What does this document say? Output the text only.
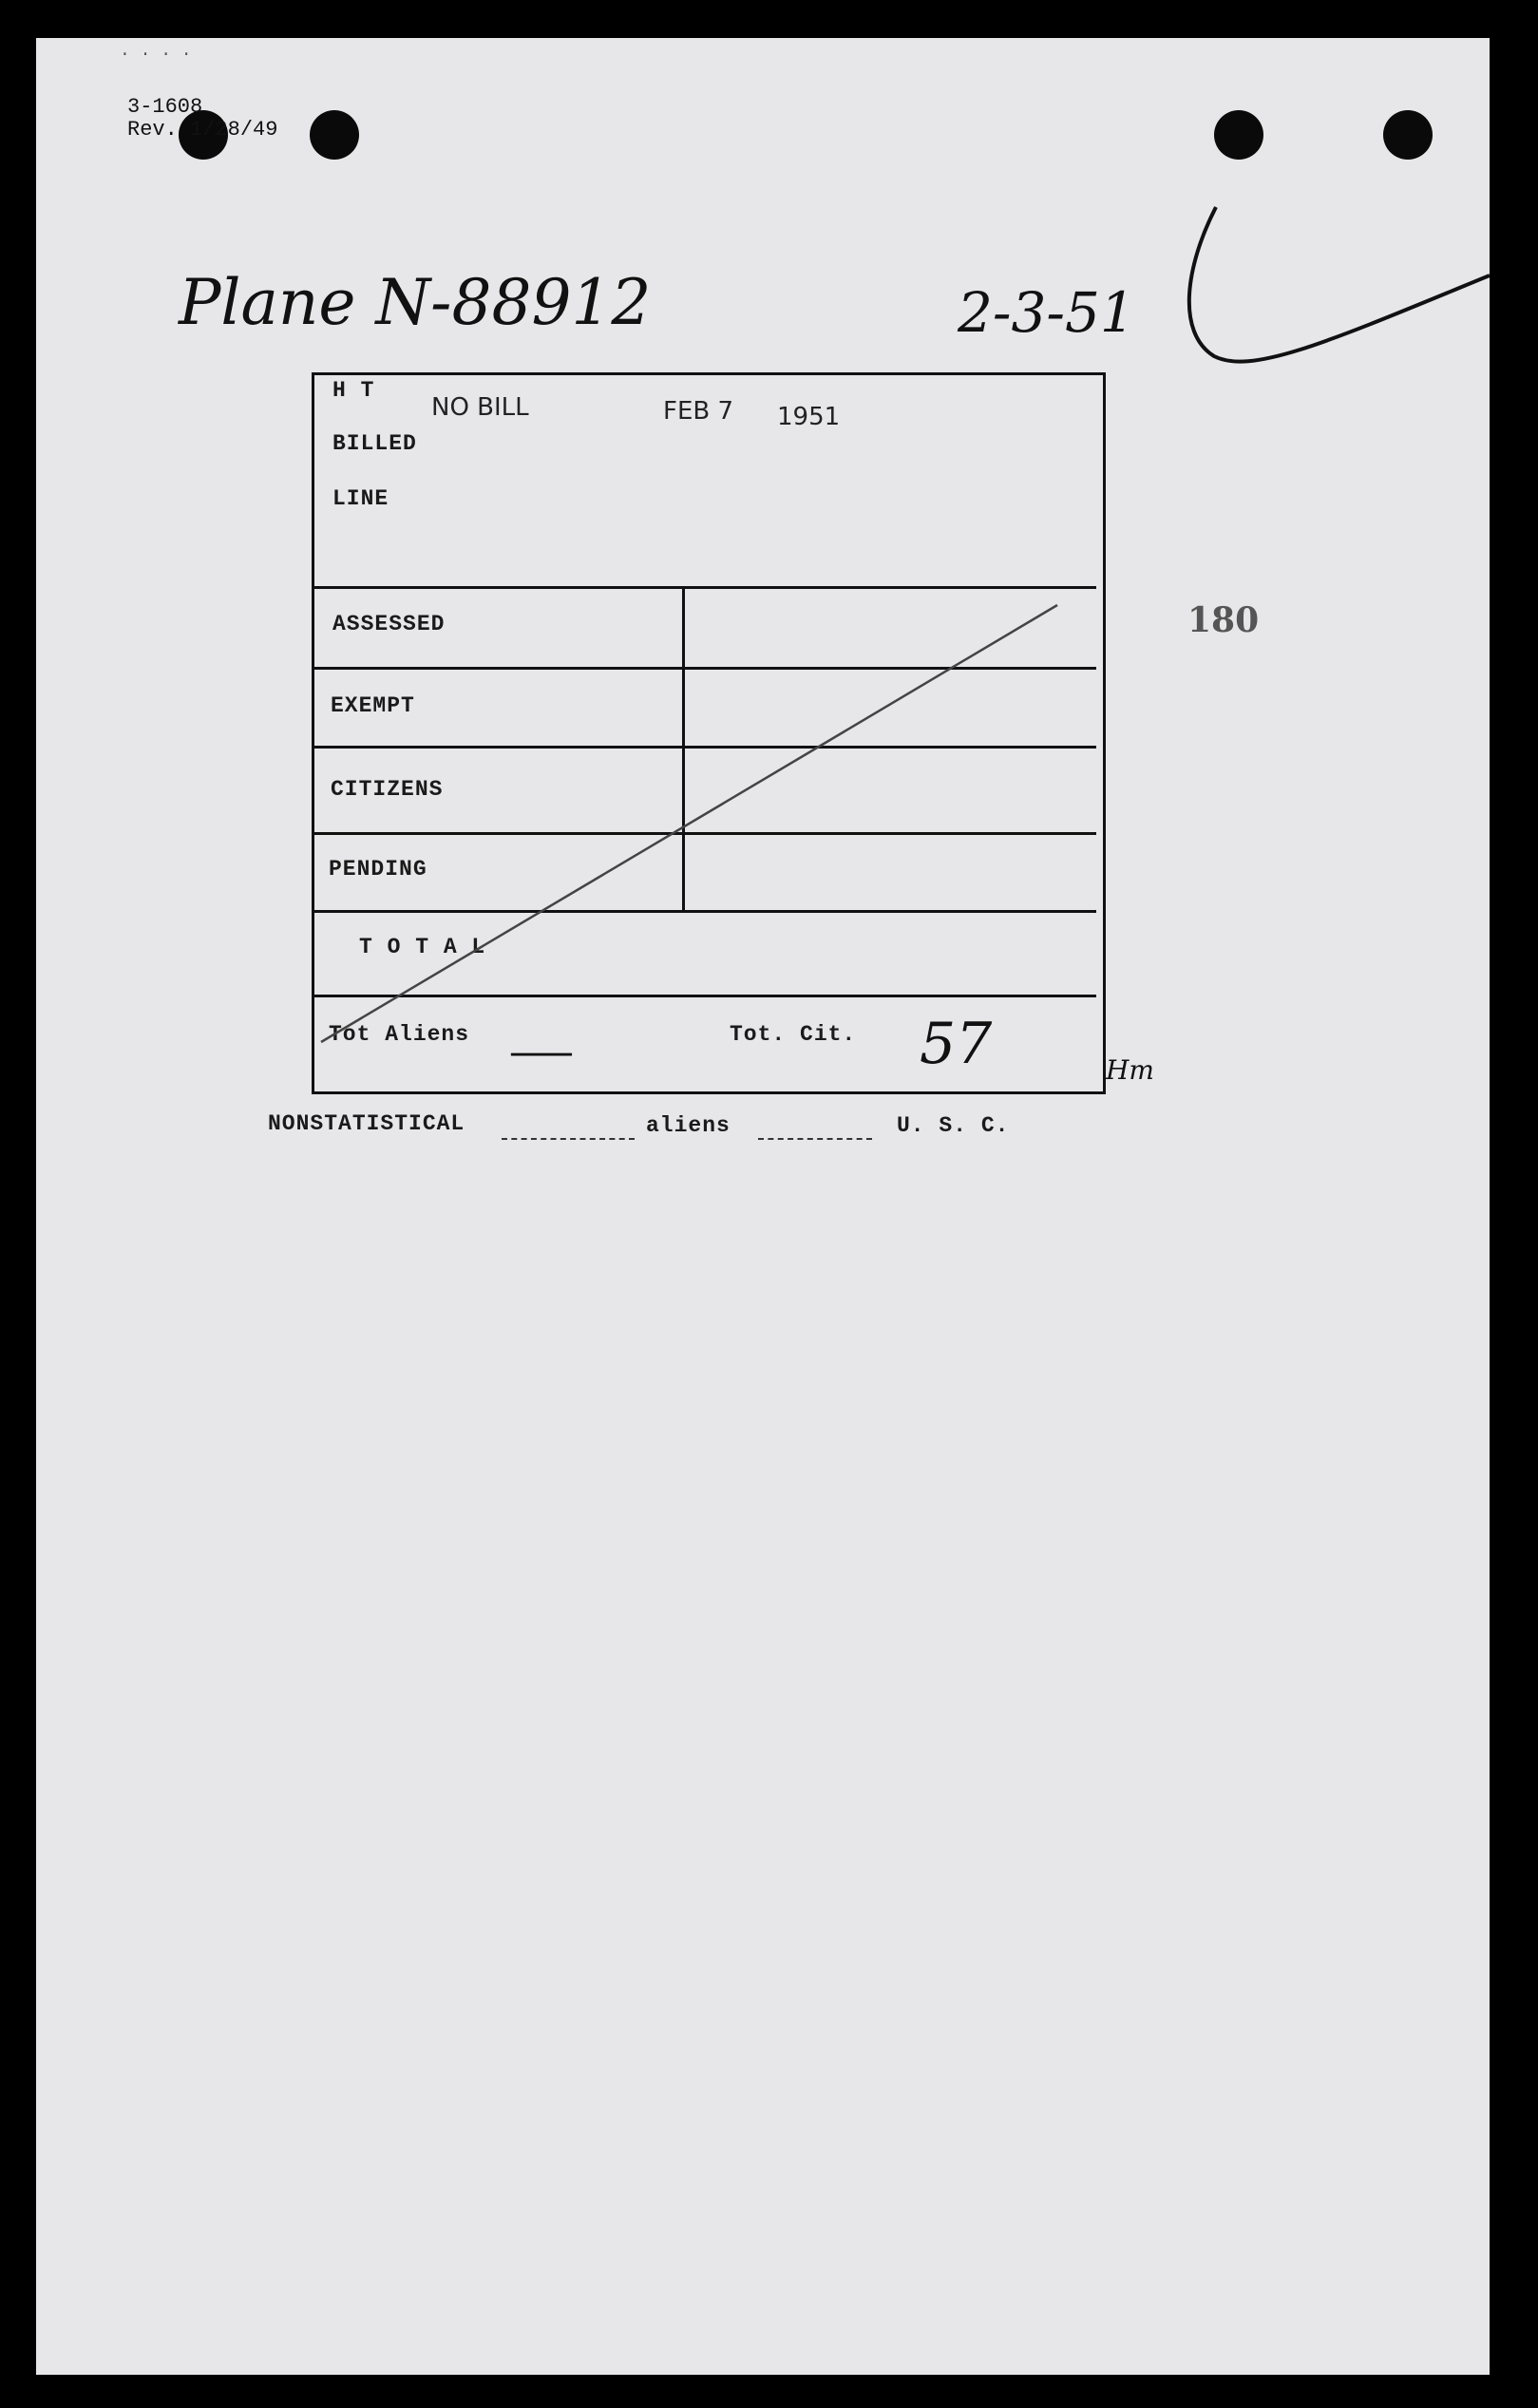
· · · ·
3-1608
Rev. 1/28/49
Plane N-88912	2-3-51
H T
BILLED
LINE
ASSESSED
EXEMPT
CITIZENS
PENDING
T O T A L
Tot Aliens —	Tot. Cit. 57
NO BILL	FEB 7 1951
180
Hm
NONSTATISTICAL	aliens	U. S. C.
